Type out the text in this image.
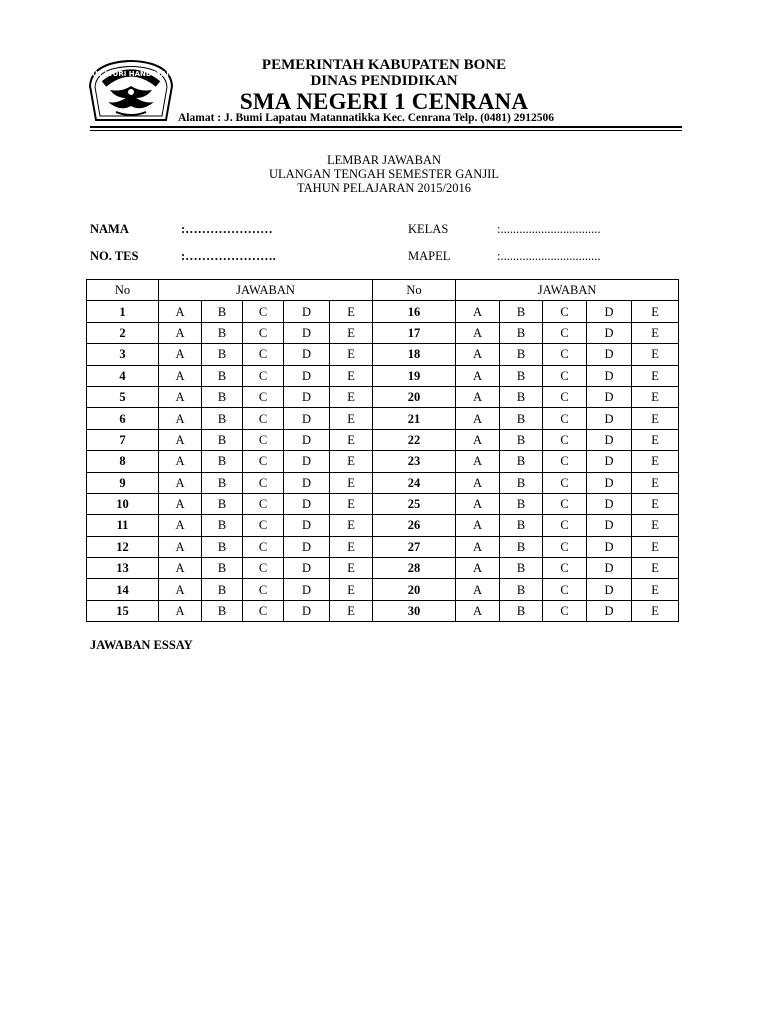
TUT WURI HANDAYANI
PEMERINTAH KABUPATEN BONE
DINAS PENDIDIKAN
SMA NEGERI 1 CENRANA
Alamat : J. Bumi Lapatau Matannatikka Kec. Cenrana Telp. (0481) 2912506
LEMBAR JAWABAN
ULANGAN TENGAH SEMESTER GANJIL
TAHUN PELAJARAN 2015/2016
NAMA	:…………………
NO. TES	:………………….
KELAS	:................................
MAPEL	:................................
No	JAWABAN					No	JAWABAN				
1	A	B	C	D	E	16	A	B	C	D	E
2	A	B	C	D	E	17	A	B	C	D	E
3	A	B	C	D	E	18	A	B	C	D	E
4	A	B	C	D	E	19	A	B	C	D	E
5	A	B	C	D	E	20	A	B	C	D	E
6	A	B	C	D	E	21	A	B	C	D	E
7	A	B	C	D	E	22	A	B	C	D	E
8	A	B	C	D	E	23	A	B	C	D	E
9	A	B	C	D	E	24	A	B	C	D	E
10	A	B	C	D	E	25	A	B	C	D	E
11	A	B	C	D	E	26	A	B	C	D	E
12	A	B	C	D	E	27	A	B	C	D	E
13	A	B	C	D	E	28	A	B	C	D	E
14	A	B	C	D	E	20	A	B	C	D	E
15	A	B	C	D	E	30	A	B	C	D	E
JAWABAN ESSAY
